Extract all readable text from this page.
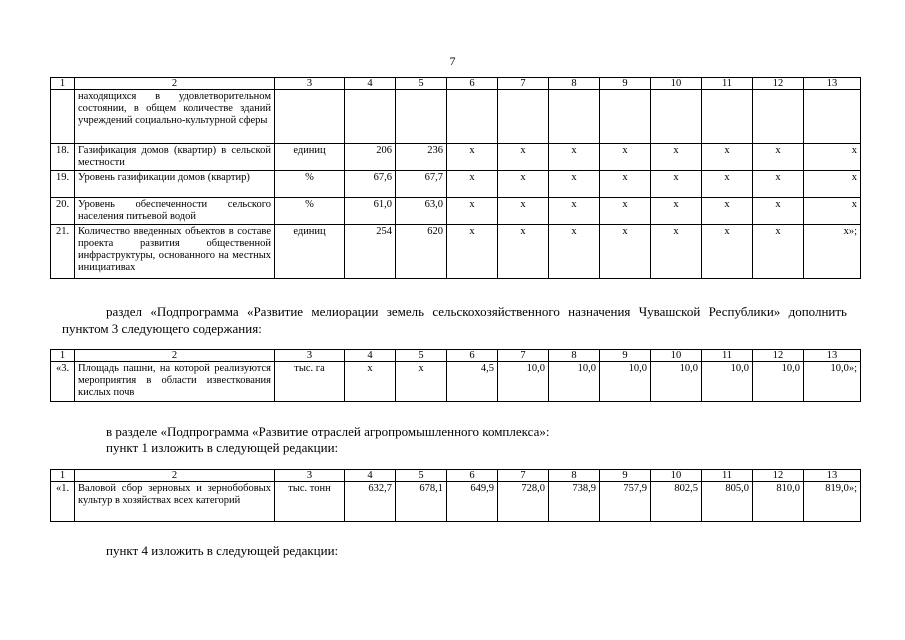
7
1	2	3	4	5	6	7	8	9	10	11	12	13
	находящихся в удовлетворительном состоянии, в общем количестве зданий учреждений социально-культурной сферы											
18.	Газификация домов (квартир) в сельской местности	единиц	206	236	x	x	x	x	x	x	x	x
19.	Уровень газификации домов (квартир)	%	67,6	67,7	x	x	x	x	x	x	x	x
20.	Уровень обеспеченности сельского населения питьевой водой	%	61,0	63,0	x	x	x	x	x	x	x	x
21.	Количество введенных объектов в составе проекта развития общественной инфраструктуры, основанного на местных инициативах	единиц	254	620	x	x	x	x	x	x	x	x»;
раздел «Подпрограмма «Развитие мелиорации земель сельскохозяйственного назначения Чувашской Республики» дополнить пунктом 3 следующего содержания:
1	2	3	4	5	6	7	8	9	10	11	12	13
«3.	Площадь пашни, на которой реализуются мероприятия в области известкования кислых почв	тыс. га	x	x	4,5	10,0	10,0	10,0	10,0	10,0	10,0	10,0»;
в разделе «Подпрограмма «Развитие отраслей агропромышленного комплекса»:
пункт 1 изложить в следующей редакции:
1	2	3	4	5	6	7	8	9	10	11	12	13
«1.	Валовой сбор зерновых и зернобобовых культур в хозяйствах всех категорий	тыс. тонн	632,7	678,1	649,9	728,0	738,9	757,9	802,5	805,0	810,0	819,0»;
пункт 4 изложить в следующей редакции:
